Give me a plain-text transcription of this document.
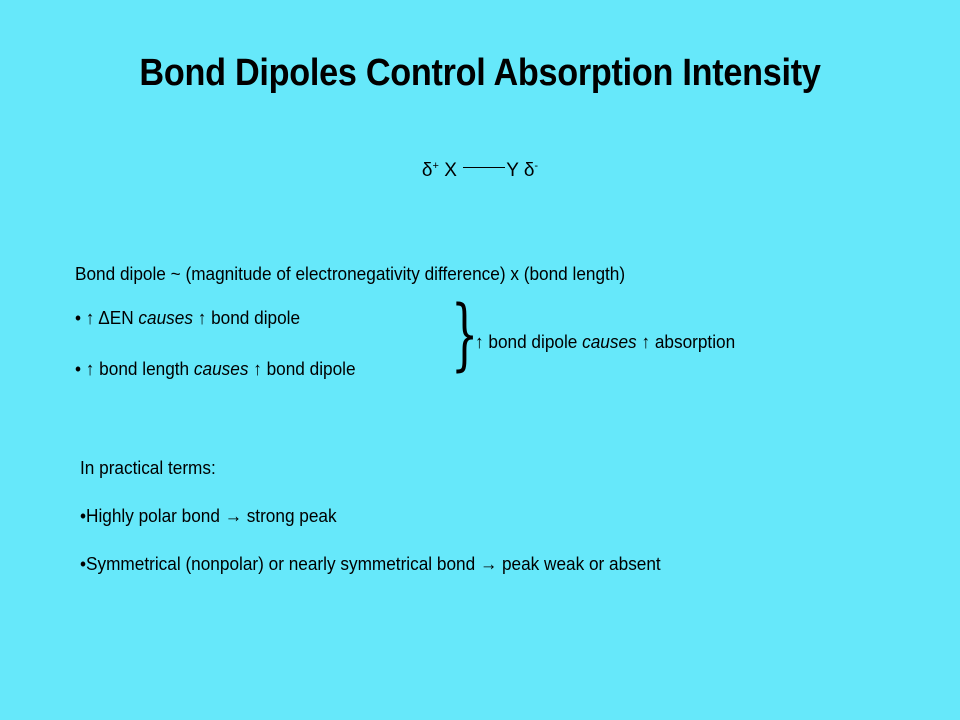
Bond Dipoles Control Absorption Intensity
δ+ X	Y δ-
Bond dipole ~ (magnitude of electronegativity difference) x (bond length)
• ↑ ΔEN causes ↑ bond dipole
• ↑ bond length causes ↑ bond dipole }
↑ bond dipole causes ↑ absorption
In practical terms:
•Highly polar bond → strong peak
•Symmetrical (nonpolar) or nearly symmetrical bond → peak weak or absent
